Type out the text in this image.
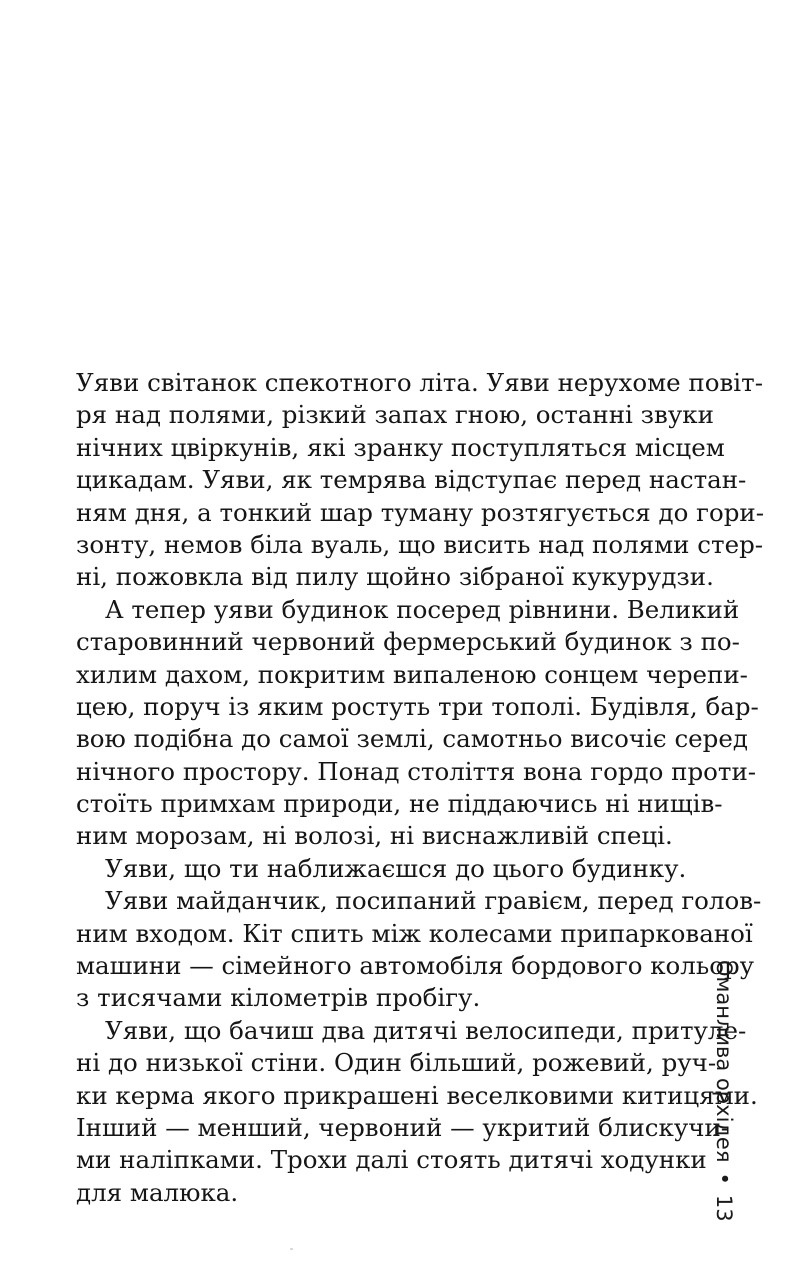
Уяви світанок спекотного літа. Уяви нерухоме повіт-
ря над полями, різкий запах гною, останні звуки
нічних цвіркунів, які зранку поступляться місцем
цикадам. Уяви, як темрява відступає перед настан-
ням дня, а тонкий шар туману розтягується до гори-
зонту, немов біла вуаль, що висить над полями стер-
ні, пожовкла від пилу щойно зібраної кукурудзи.
А тепер уяви будинок посеред рівнини. Великий
старовинний червоний фермерський будинок з по-
хилим дахом, покритим випаленою сонцем черепи-
цею, поруч із яким ростуть три тополі. Будівля, бар-
вою подібна до самої землі, самотньо височіє серед
нічного простору. Понад століття вона гордо проти-
стоїть примхам природи, не піддаючись ні нищів-
ним морозам, ні волозі, ні виснажливій спеці.
Уяви, що ти наближаєшся до цього будинку.
Уяви майданчик, посипаний гравієм, перед голов-
ним входом. Кіт спить між колесами припаркованої
машини — сімейного автомобіля бордового кольору
з тисячами кілометрів пробігу.
Уяви, що бачиш два дитячі велосипеди, притуле-
ні до низької стіни. Один більший, рожевий, руч-
ки керма якого прикрашені веселковими китицями.
Інший — менший, червоний — укритий блискучи-
ми наліпками. Трохи далі стоять дитячі ходунки
для малюка.
Оманлива орхідея•13
